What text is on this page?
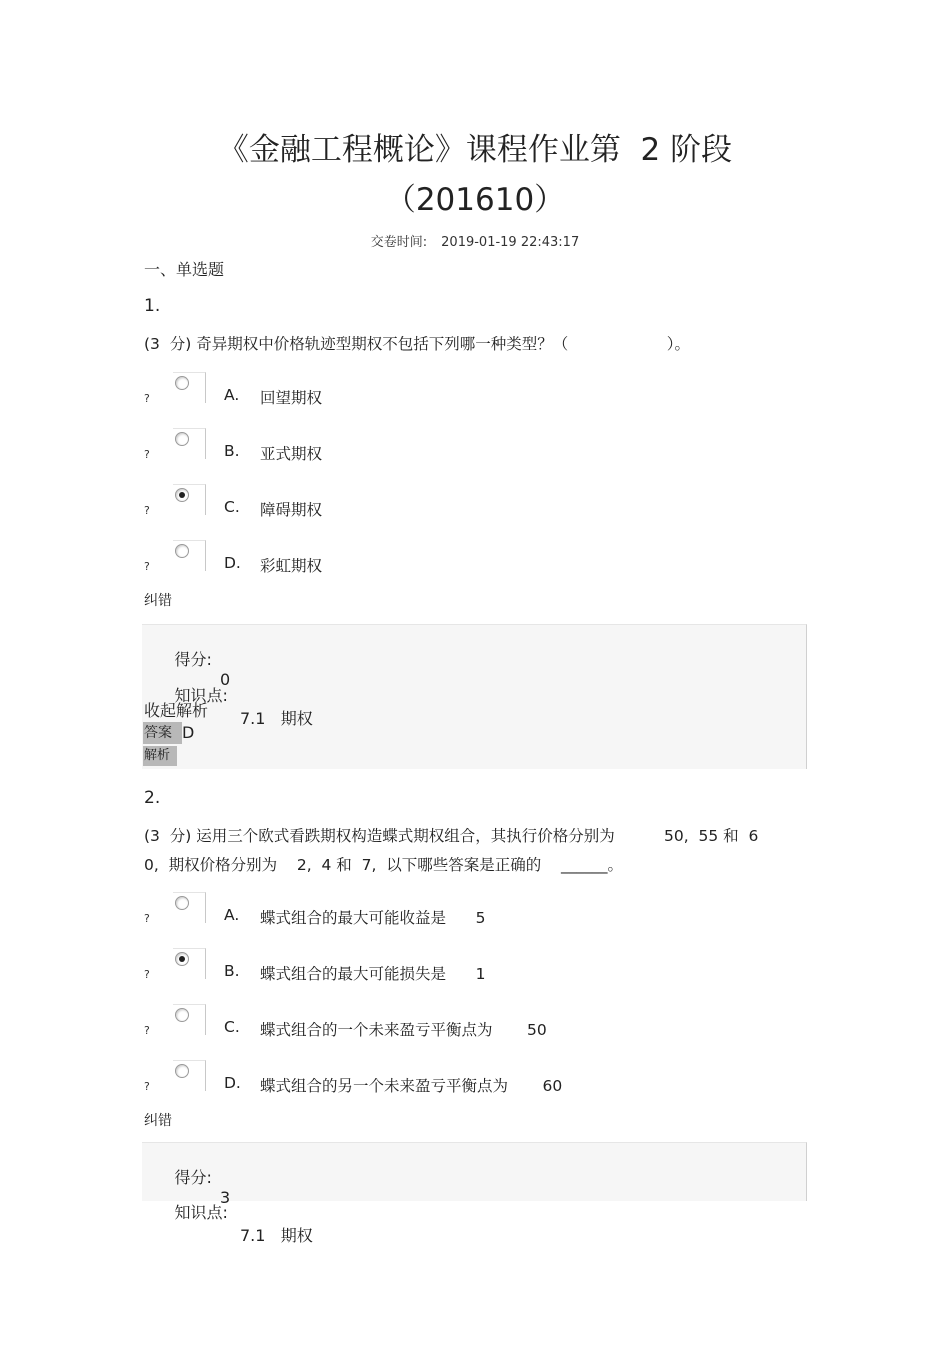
《金融工程概论》课程作业第  2 阶段
（201610）
交卷时间: 2019-01-19 22:43:17
一、单选题
1.
(3  分) 奇异期权中价格轨迹型期权不包括下列哪一种类型？（                    ）。
?	A. 回望期权
?	B. 亚式期权
?	C. 障碍期权
?	D. 彩虹期权
纠错

得分:

0

知识点:

7.1   期权

收起解析
答案 D
解析
2.
(3  分) 运用三个欧式看跌期权构造蝶式期权组合，其执行价格分别为          50,  55 和  6
0,  期权价格分别为    2,  4 和  7,  以下哪些答案是正确的    ______。
?	A. 蝶式组合的最大可能收益是      5
?	B. 蝶式组合的最大可能损失是      1
?	C. 蝶式组合的一个未来盈亏平衡点为       50
?	D. 蝶式组合的另一个未来盈亏平衡点为       60
纠错

得分:

3

知识点:

7.1   期权
